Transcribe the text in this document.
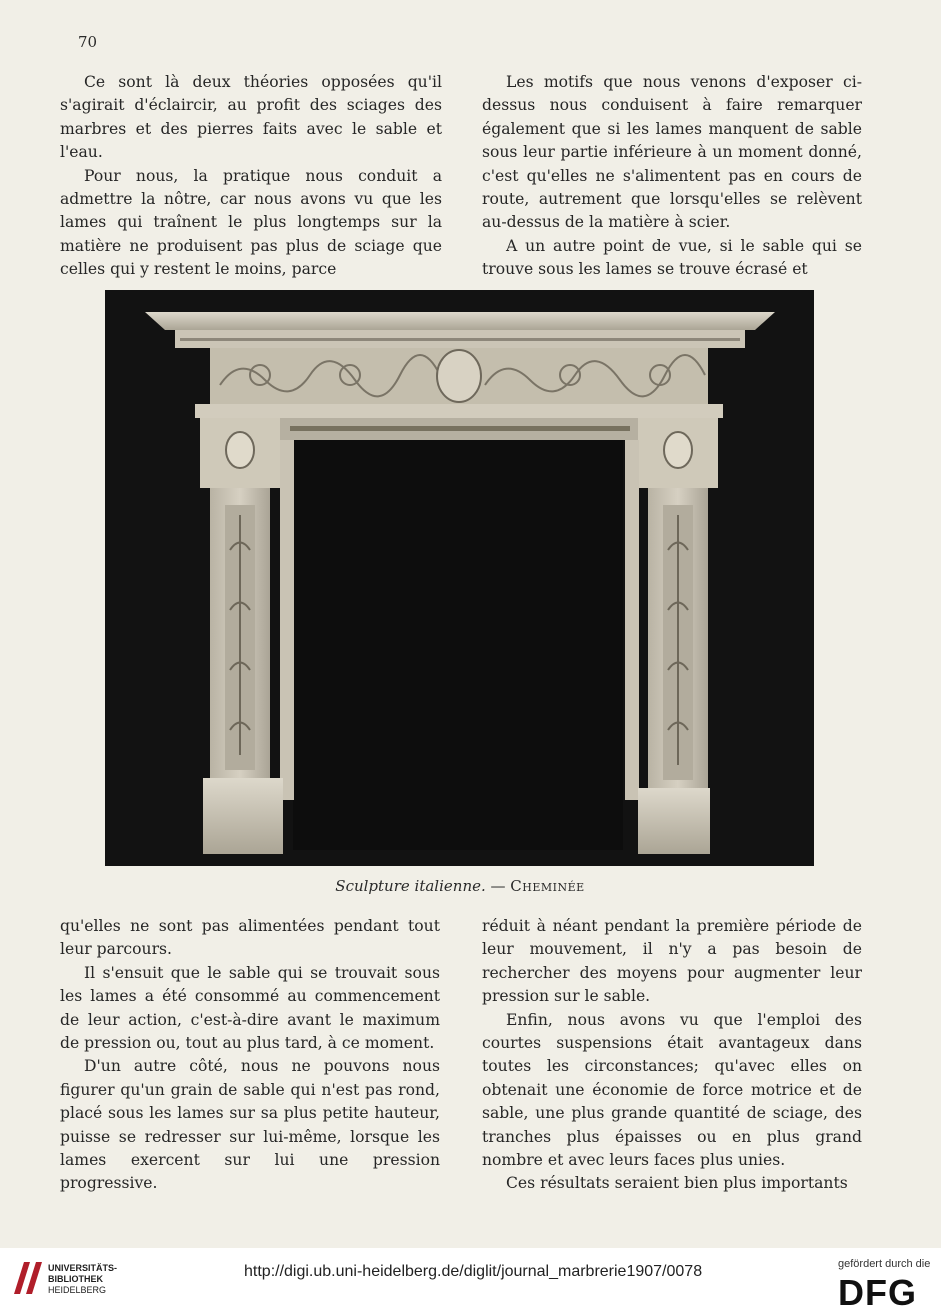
70

Ce sont là deux théories opposées qu'il s'agirait d'éclaircir, au profit des sciages des marbres et des pierres faits avec le sable et l'eau.

Pour nous, la pratique nous conduit a admettre la nôtre, car nous avons vu que les lames qui traînent le plus longtemps sur la matière ne produisent pas plus de sciage que celles qui y restent le moins, parce

Les motifs que nous venons d'exposer ci-dessus nous conduisent à faire remarquer également que si les lames manquent de sable sous leur partie inférieure à un moment donné, c'est qu'elles ne s'alimentent pas en cours de route, autrement que lorsqu'elles se relèvent au-dessus de la matière à scier.

A un autre point de vue, si le sable qui se trouve sous les lames se trouve écrasé et

Sculpture italienne. — Cheminée

qu'elles ne sont pas alimentées pendant tout leur parcours.

Il s'ensuit que le sable qui se trouvait sous les lames a été consommé au commencement de leur action, c'est-à-dire avant le maximum de pression ou, tout au plus tard, à ce moment.

D'un autre côté, nous ne pouvons nous figurer qu'un grain de sable qui n'est pas rond, placé sous les lames sur sa plus petite hauteur, puisse se redresser sur lui-même, lorsque les lames exercent sur lui une pression progressive.

réduit à néant pendant la première période de leur mouvement, il n'y a pas besoin de rechercher des moyens pour augmenter leur pression sur le sable.

Enfin, nous avons vu que l'emploi des courtes suspensions était avantageux dans toutes les circonstances; qu'avec elles on obtenait une économie de force motrice et de sable, une plus grande quantité de sciage, des tranches plus épaisses ou en plus grand nombre et avec leurs faces plus unies.

Ces résultats seraient bien plus importants

UNIVERSITÄTS-
BIBLIOTHEK
HEIDELBERG
http://digi.ub.uni-heidelberg.de/diglit/journal_marbrerie1907/0078	gefördert durch die
DFG
